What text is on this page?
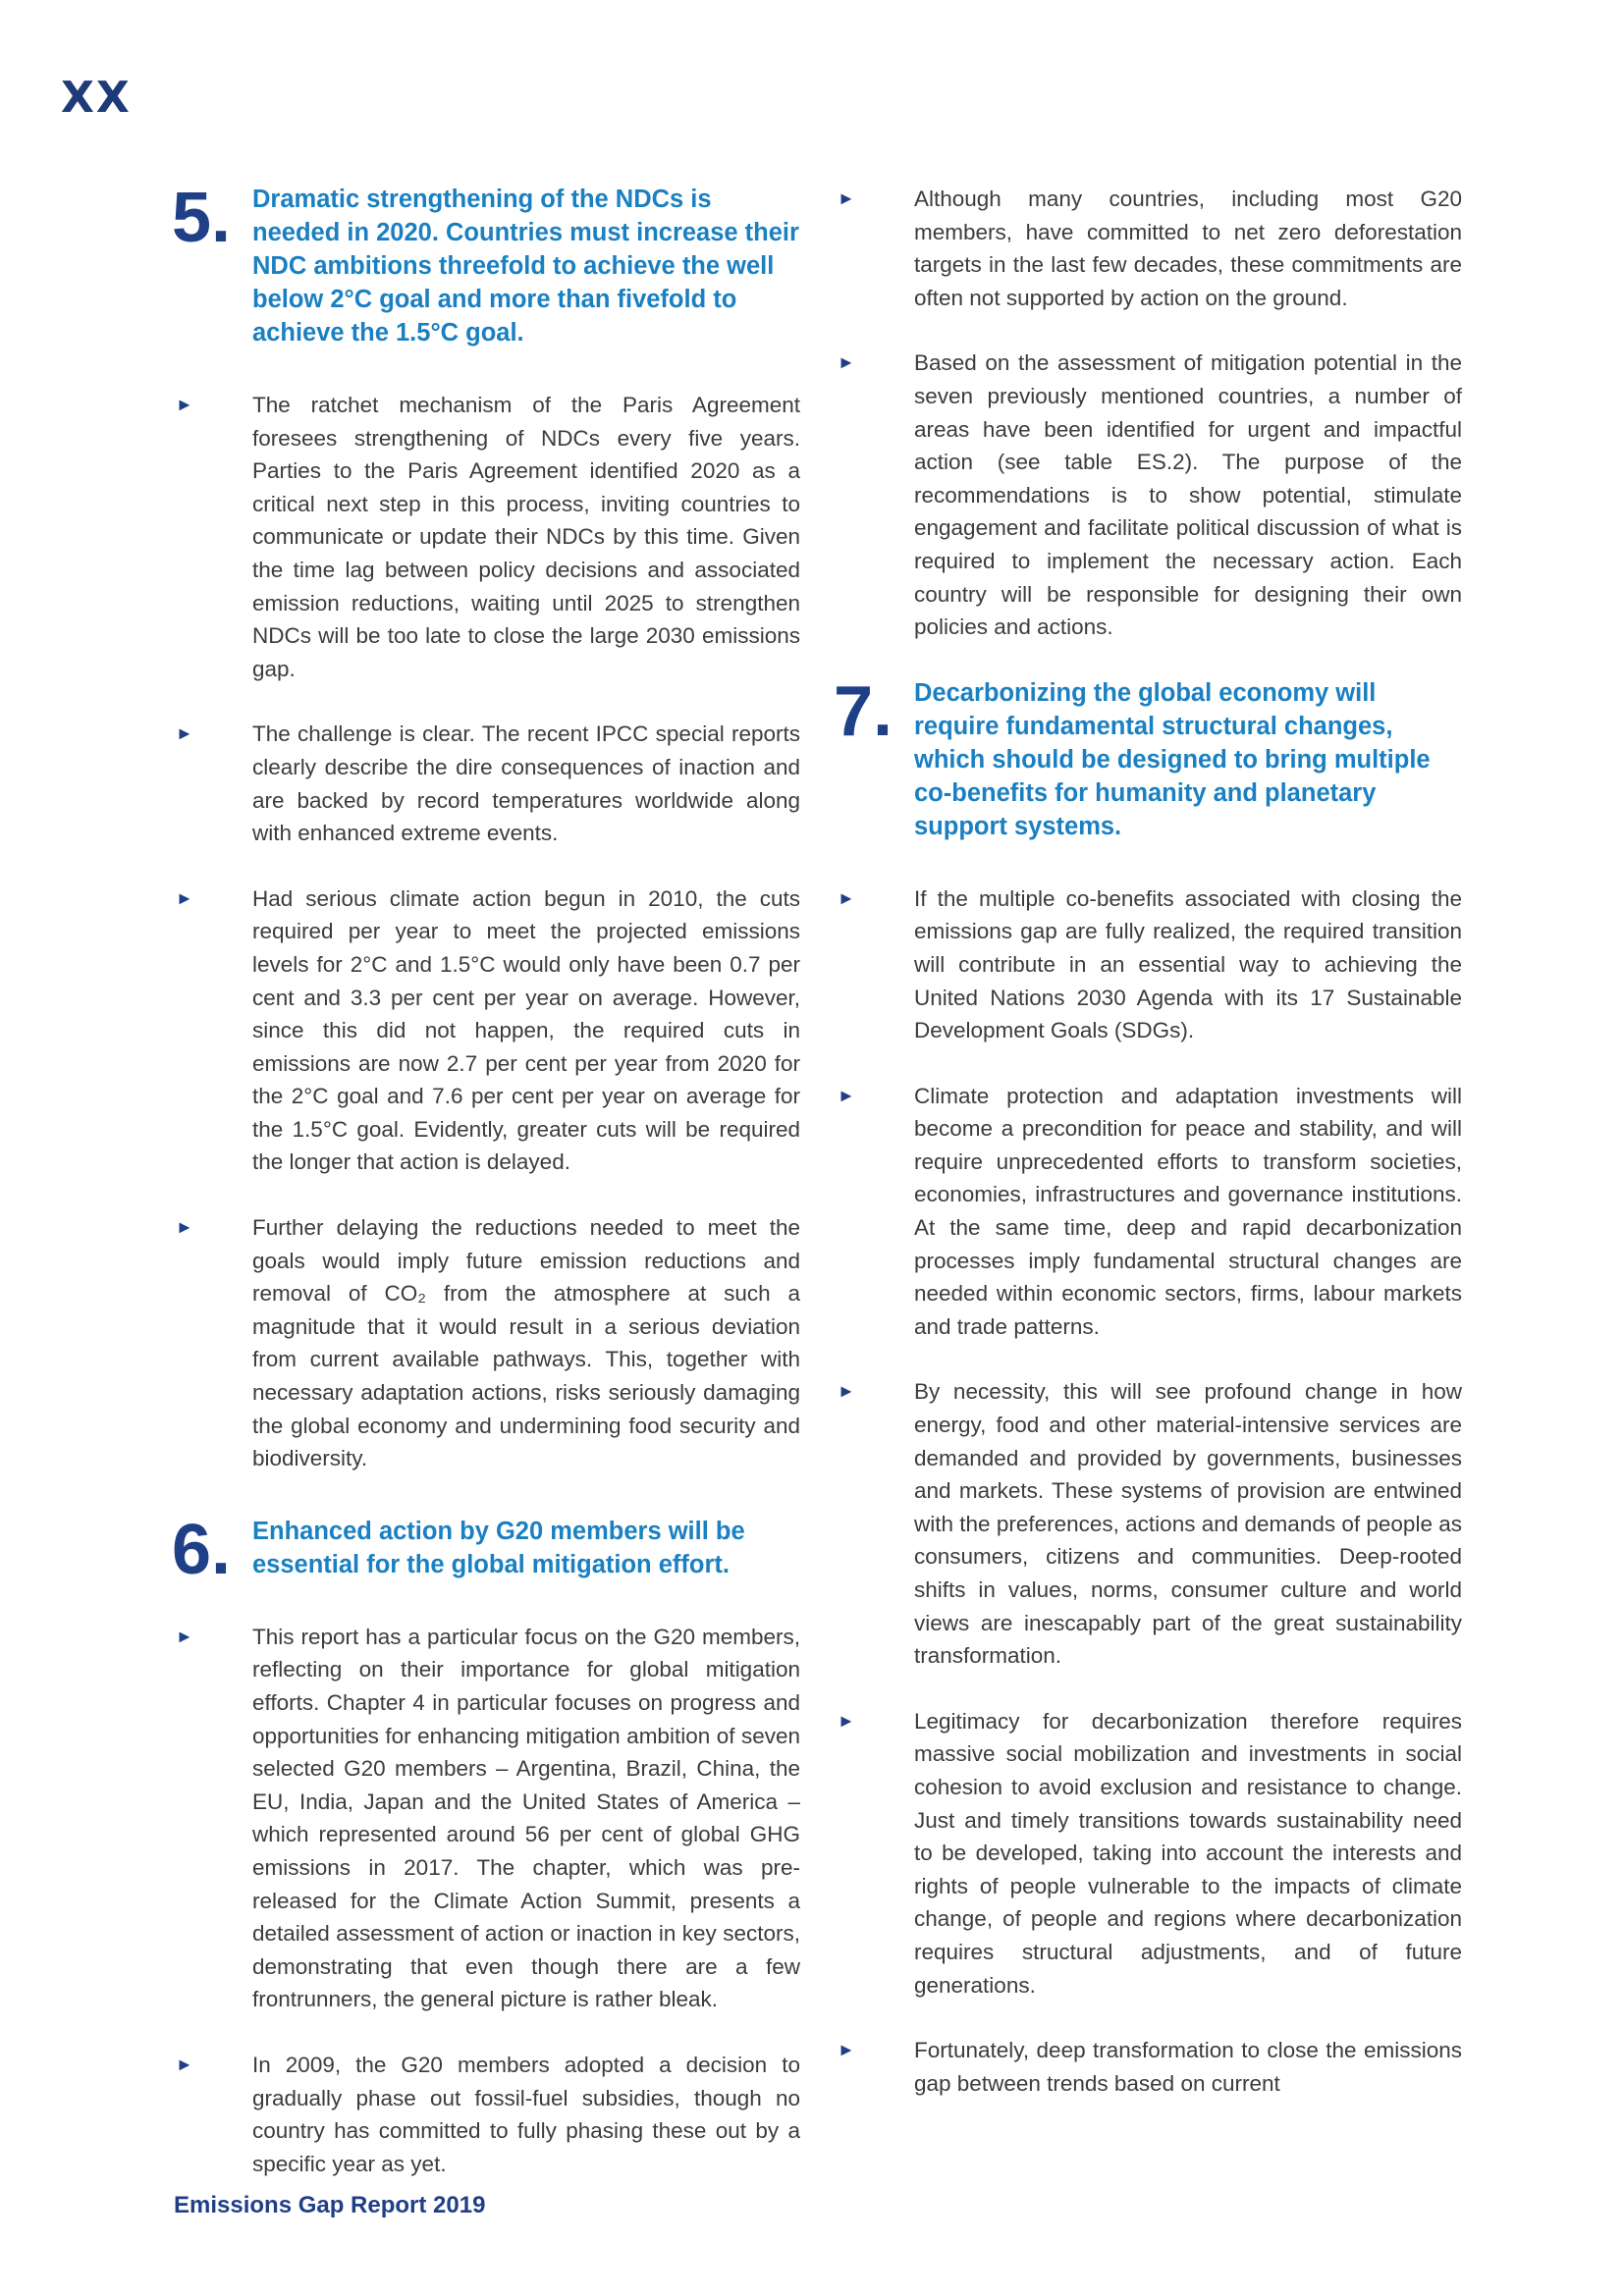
XX
5. Dramatic strengthening of the NDCs is needed in 2020. Countries must increase their NDC ambitions threefold to achieve the well below 2°C goal and more than fivefold to achieve the 1.5°C goal.
►	The ratchet mechanism of the Paris Agreement foresees strengthening of NDCs every five years. Parties to the Paris Agreement identified 2020 as a critical next step in this process, inviting countries to communicate or update their NDCs by this time. Given the time lag between policy decisions and associated emission reductions, waiting until 2025 to strengthen NDCs will be too late to close the large 2030 emissions gap.
►	The challenge is clear. The recent IPCC special reports clearly describe the dire consequences of inaction and are backed by record temperatures worldwide along with enhanced extreme events.
►	Had serious climate action begun in 2010, the cuts required per year to meet the projected emissions levels for 2°C and 1.5°C would only have been 0.7 per cent and 3.3 per cent per year on average. However, since this did not happen, the required cuts in emissions are now 2.7 per cent per year from 2020 for the 2°C goal and 7.6 per cent per year on average for the 1.5°C goal. Evidently, greater cuts will be required the longer that action is delayed.
►	Further delaying the reductions needed to meet the goals would imply future emission reductions and removal of CO₂ from the atmosphere at such a magnitude that it would result in a serious deviation from current available pathways. This, together with necessary adaptation actions, risks seriously damaging the global economy and undermining food security and biodiversity.
6. Enhanced action by G20 members will be essential for the global mitigation effort.
►	This report has a particular focus on the G20 members, reflecting on their importance for global mitigation efforts. Chapter 4 in particular focuses on progress and opportunities for enhancing mitigation ambition of seven selected G20 members – Argentina, Brazil, China, the EU, India, Japan and the United States of America – which represented around 56 per cent of global GHG emissions in 2017. The chapter, which was pre-released for the Climate Action Summit, presents a detailed assessment of action or inaction in key sectors, demonstrating that even though there are a few frontrunners, the general picture is rather bleak.
►	In 2009, the G20 members adopted a decision to gradually phase out fossil-fuel subsidies, though no country has committed to fully phasing these out by a specific year as yet.
►	Although many countries, including most G20 members, have committed to net zero deforestation targets in the last few decades, these commitments are often not supported by action on the ground.
►	Based on the assessment of mitigation potential in the seven previously mentioned countries, a number of areas have been identified for urgent and impactful action (see table ES.2). The purpose of the recommendations is to show potential, stimulate engagement and facilitate political discussion of what is required to implement the necessary action. Each country will be responsible for designing their own policies and actions.
7. Decarbonizing the global economy will require fundamental structural changes, which should be designed to bring multiple co-benefits for humanity and planetary support systems.
►	If the multiple co-benefits associated with closing the emissions gap are fully realized, the required transition will contribute in an essential way to achieving the United Nations 2030 Agenda with its 17 Sustainable Development Goals (SDGs).
►	Climate protection and adaptation investments will become a precondition for peace and stability, and will require unprecedented efforts to transform societies, economies, infrastructures and governance institutions. At the same time, deep and rapid decarbonization processes imply fundamental structural changes are needed within economic sectors, firms, labour markets and trade patterns.
►	By necessity, this will see profound change in how energy, food and other material-intensive services are demanded and provided by governments, businesses and markets. These systems of provision are entwined with the preferences, actions and demands of people as consumers, citizens and communities. Deep-rooted shifts in values, norms, consumer culture and world views are inescapably part of the great sustainability transformation.
►	Legitimacy for decarbonization therefore requires massive social mobilization and investments in social cohesion to avoid exclusion and resistance to change. Just and timely transitions towards sustainability need to be developed, taking into account the interests and rights of people vulnerable to the impacts of climate change, of people and regions where decarbonization requires structural adjustments, and of future generations.
►	Fortunately, deep transformation to close the emissions gap between trends based on current
Emissions Gap Report 2019
